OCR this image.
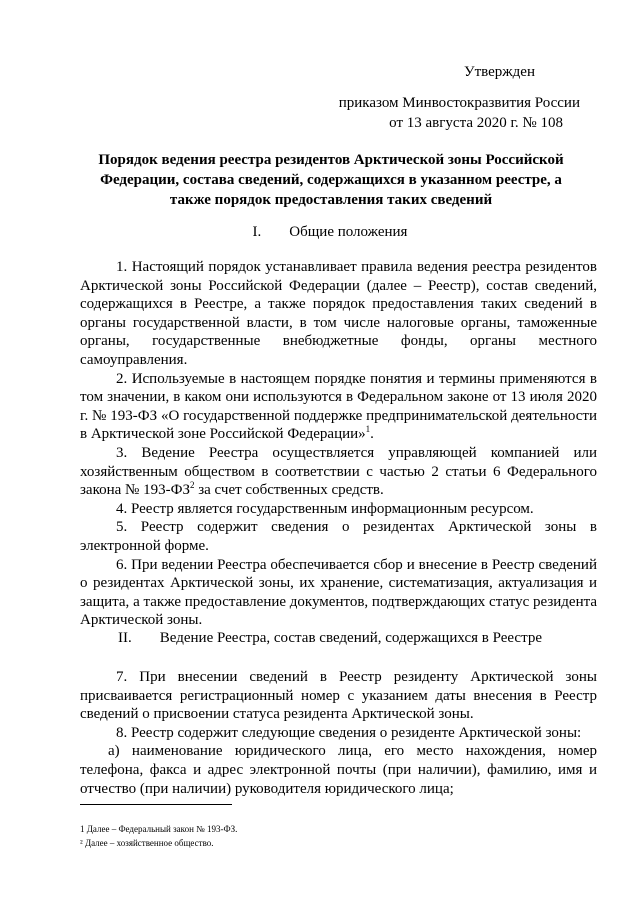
Утвержден
приказом Минвостокразвития России
от 13 августа 2020 г. № 108
Порядок ведения реестра резидентов Арктической зоны Российской Федерации, состава сведений, содержащихся в указанном реестре, а также порядок предоставления таких сведений
I. Общие положения

1. Настоящий порядок устанавливает правила ведения реестра резидентов Арктической зоны Российской Федерации (далее – Реестр), состав сведений, содержащихся в Реестре, а также порядок предоставления таких сведений в органы государственной власти, в том числе налоговые органы, таможенные органы, государственные внебюджетные фонды, органы местного самоуправления.

2. Используемые в настоящем порядке понятия и термины применяются в том значении, в каком они используются в Федеральном законе от 13 июля 2020 г. № 193-ФЗ «О государственной поддержке предпринимательской деятельности в Арктической зоне Российской Федерации»$^1$.

3. Ведение Реестра осуществляется управляющей компанией или хозяйственным обществом в соответствии с частью 2 статьи 6 Федерального закона № $193-ФЗ^2$ за счет собственных средств.

4. Реестр является государственным информационным ресурсом.

5. Реестр содержит сведения о резидентах Арктической зоны в электронной форме.

6. При ведении Реестра обеспечивается сбор и внесение в Реестр сведений о резидентах Арктической зоны, их хранение, систематизация, актуализация и защита, а также предоставление документов, подтверждающих статус резидента Арктической зоны.

II. Ведение Реестра, состав сведений, содержащихся в Реестре

7. При внесении сведений в Реестр резиденту Арктической зоны присваивается регистрационный номер с указанием даты внесения в Реестр сведений о присвоении статуса резидента Арктической зоны.

8. Реестр содержит следующие сведения о резиденте Арктической зоны:

а) наименование юридического лица, его место нахождения, номер телефона, факса и адрес электронной почты (при наличии), фамилию, имя и отчество (при наличии) руководителя юридического лица;

1 Далее – Федеральный закон № 193-ФЗ.
² Далее – хозяйственное общество.
